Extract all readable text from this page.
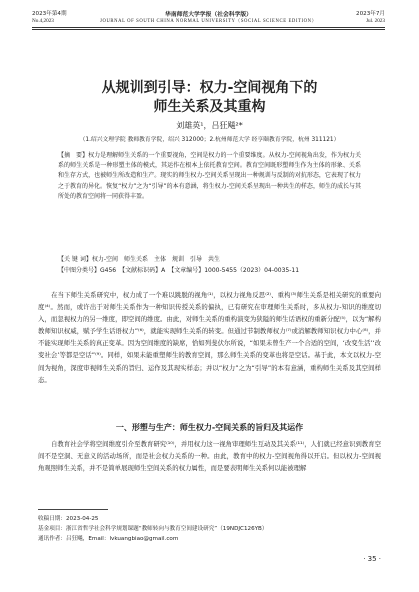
2023年第4期
No.4,2023
华南师范大学学报（社会科学版）
JOURNAL OF SOUTH CHINA NORMAL UNIVERSITY（SOCIAL SCIENCE EDITION）
2023年7月
Jul. 2023
从规训到引导：权力-空间视角下的
师生关系及其重构
刘雄英¹，吕狂飚²*
（1.绍兴文理学院 教师教育学院，绍兴 312000；2.杭州师范大学 经亨颐教育学院，杭州 311121）
【摘　要】权力是理解师生关系的一个重要视角，空间是权力的一个重要维度。从权力-空间视角出发，作为权力关系的师生关系是一种形塑主体的模式，其运作在根本上依托教育空间。教育空间既形塑师生作为主体的形象、关系和生存方式，也被师生所改造和生产。现实的师生权力-空间关系呈现出一种规训与反制的对抗形态，它表现了权力之于教育的异化。恢复“权力”之为“引导”的本有意涵，将生权力-空间关系呈现出一种共生的样态，师生的成长与其所处的教育空间将一同获得丰盈。
【关 键 词】权力-空间　师生关系　主体　规训　引导　共生
【中图分类号】G456　【文献标识码】A　【文章编号】1000-5455（2023）04-0035-11
在当下师生关系研究中，权力成了一个难以跳脱的视角⁽¹⁾，以权力视角反思⁽²⁾、重构⁽³⁾师生关系是相关研究的重要向度⁽⁴⁾。然而，或许出于对师生关系作为一种知识传授关系的偏执，已有研究在审理师生关系时，多从权力-知识的维度切入，而忽视权力的另一维度，即空间的维度。由此，对师生关系的重构演变为狭隘的师生话语权的重新分配⁽⁵⁾，以为“解构教师知识权威，赋予学生话语权力”⁽⁶⁾，就能实现师生关系的转变。但通过节制教师权力⁽⁷⁾或消解教师知识权力中心⁽⁸⁾，并不能实现师生关系的真正变革。因为空间维度的缺席，恰如列斐伏尔所说，“如果未曾生产一个合适的空间，‘改变生活’‘改变社会’等都是空话”⁽⁹⁾。同样，如果未能重塑师生的教育空间，那么师生关系的变革也将是空话。基于此，本文以权力-空间为视角，深度审视师生关系的旨归、运作及其现实样态；并以“权力”之为“引导”的本有意涵，重构师生关系及其空间样态。
一、形塑与生产：师生权力-空间关系的旨归及其运作
自教育社会学将空间维度引介至教育研究⁽¹⁰⁾，并用权力这一视角审理师生互动及其关系⁽¹¹⁾，人们就已经意识到教育空间不是空洞、无意义的活动场所，而是社会权力关系的一种。由此，教育中的权力-空间视角得以开启。但以权力-空间视角观照师生关系，并不是简单展现师生空间关系的权力属性，而是要表明师生关系何以能被理解
收稿日期：2023-04-25
基金项目：浙江省哲学社会科学规划课题“教师转向与教育空间建设研究”（19NDJC126YB）
通讯作者：吕狂飚，Email：lvkuangbiao@gmail.com
· 35 ·
